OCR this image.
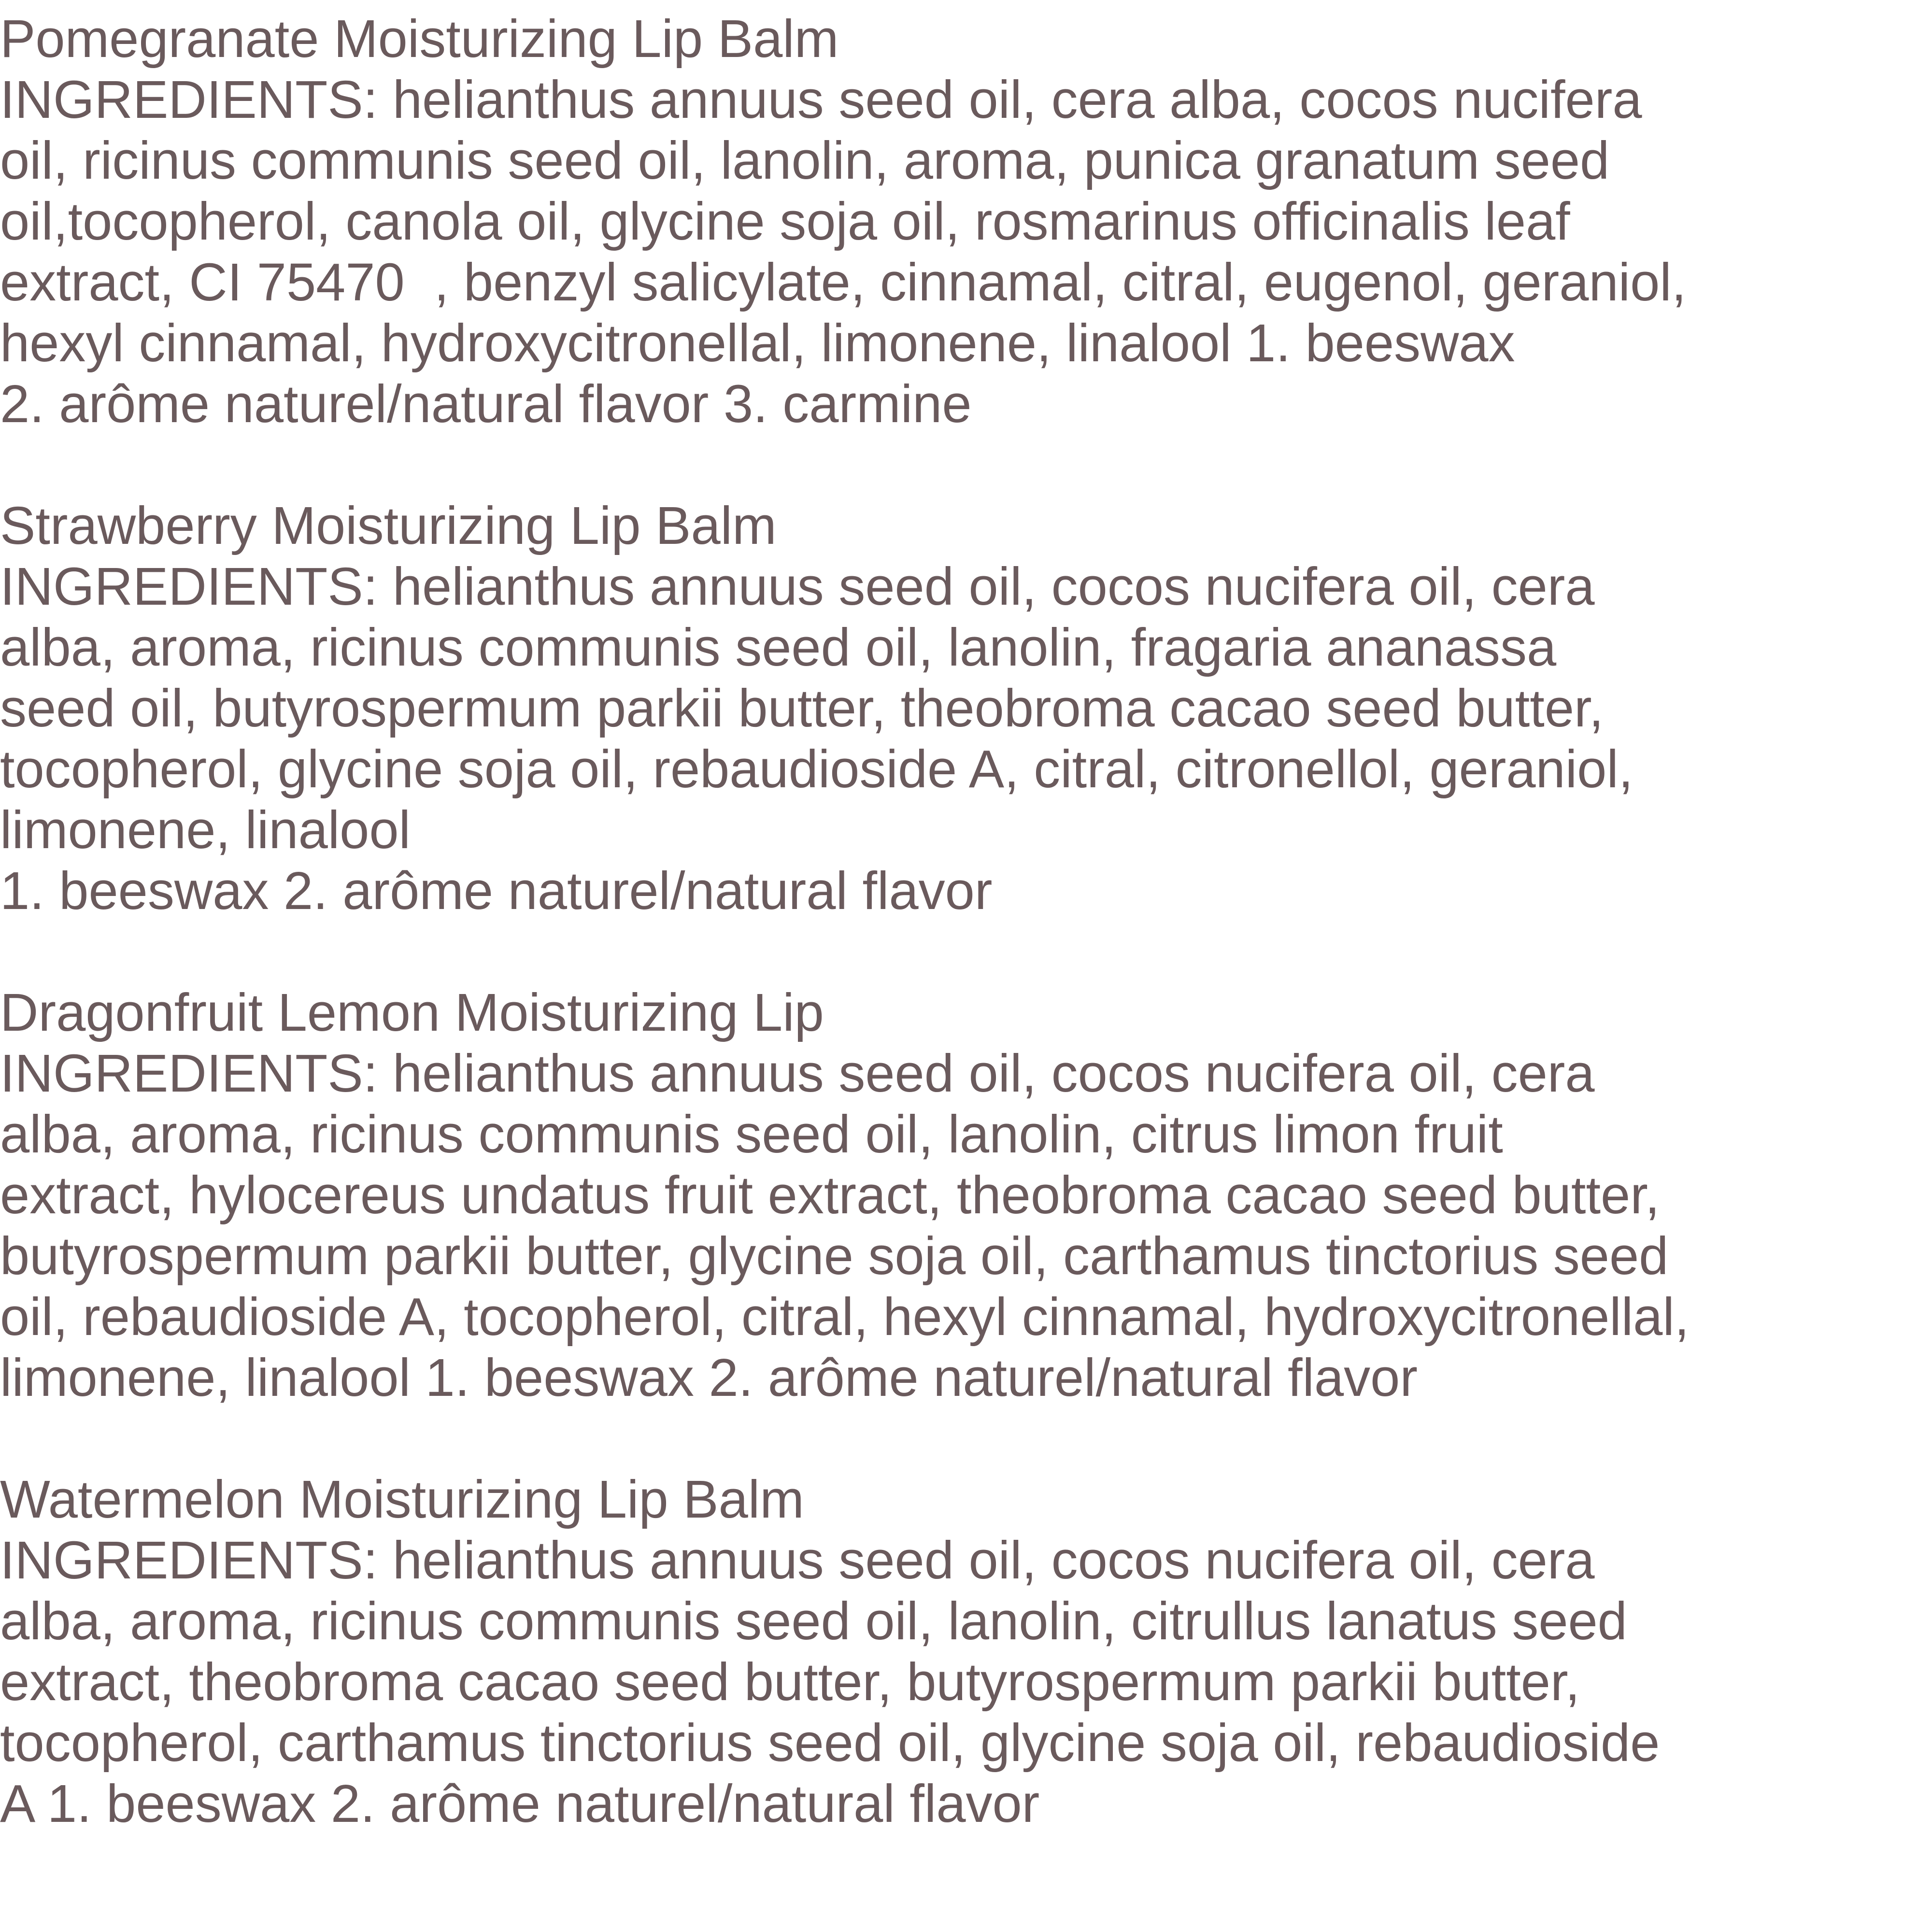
Pomegranate Moisturizing Lip Balm
INGREDIENTS: helianthus annuus seed oil, cera alba, cocos nucifera
oil, ricinus communis seed oil, lanolin, aroma, punica granatum seed
oil,tocopherol, canola oil, glycine soja oil, rosmarinus officinalis leaf
extract, CI 75470  , benzyl salicylate, cinnamal, citral, eugenol, geraniol,
hexyl cinnamal, hydroxycitronellal, limonene, linalool 1. beeswax
2. arôme naturel/natural flavor 3. carmine
Strawberry Moisturizing Lip Balm
INGREDIENTS: helianthus annuus seed oil, cocos nucifera oil, cera
alba, aroma, ricinus communis seed oil, lanolin, fragaria ananassa
seed oil, butyrospermum parkii butter, theobroma cacao seed butter,
tocopherol, glycine soja oil, rebaudioside A, citral, citronellol, geraniol,
limonene, linalool
1. beeswax 2. arôme naturel/natural flavor
Dragonfruit Lemon Moisturizing Lip
INGREDIENTS: helianthus annuus seed oil, cocos nucifera oil, cera
alba, aroma, ricinus communis seed oil, lanolin, citrus limon fruit
extract, hylocereus undatus fruit extract, theobroma cacao seed butter,
butyrospermum parkii butter, glycine soja oil, carthamus tinctorius seed
oil, rebaudioside A, tocopherol, citral, hexyl cinnamal, hydroxycitronellal,
limonene, linalool 1. beeswax 2. arôme naturel/natural flavor
Watermelon Moisturizing Lip Balm
INGREDIENTS: helianthus annuus seed oil, cocos nucifera oil, cera
alba, aroma, ricinus communis seed oil, lanolin, citrullus lanatus seed
extract, theobroma cacao seed butter, butyrospermum parkii butter,
tocopherol, carthamus tinctorius seed oil, glycine soja oil, rebaudioside
A 1. beeswax 2. arôme naturel/natural flavor
